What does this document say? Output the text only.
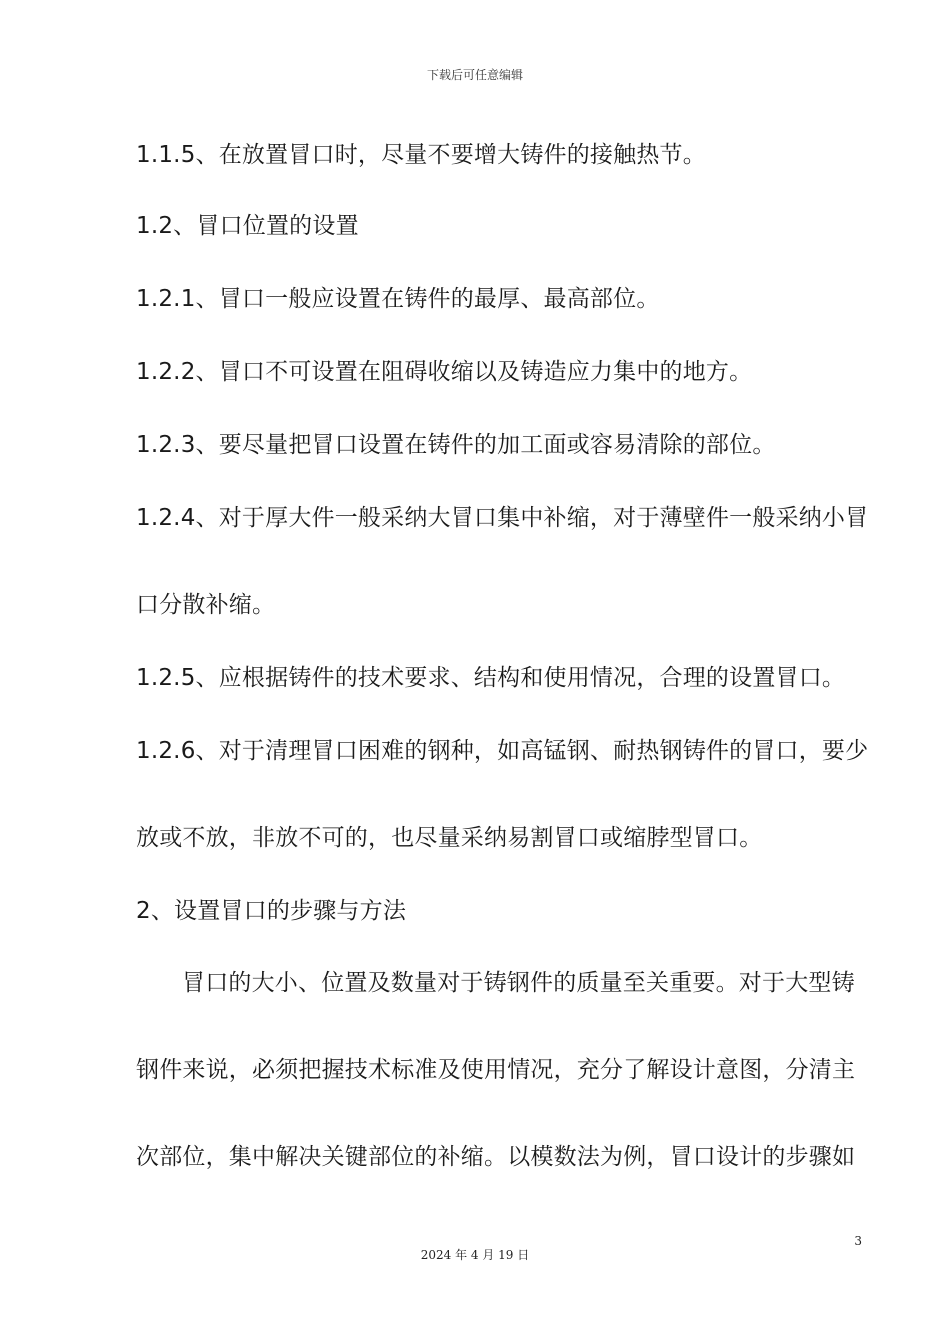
下载后可任意编辑
1.1.5、在放置冒口时，尽量不要增大铸件的接触热节。
1.2、冒口位置的设置
1.2.1、冒口一般应设置在铸件的最厚、最高部位。
1.2.2、冒口不可设置在阻碍收缩以及铸造应力集中的地方。
1.2.3、要尽量把冒口设置在铸件的加工面或容易清除的部位。
1.2.4、对于厚大件一般采纳大冒口集中补缩，对于薄壁件一般采纳小冒
口分散补缩。
1.2.5、应根据铸件的技术要求、结构和使用情况，合理的设置冒口。
1.2.6、对于清理冒口困难的钢种，如高锰钢、耐热钢铸件的冒口，要少
放或不放，非放不可的，也尽量采纳易割冒口或缩脖型冒口。
2、设置冒口的步骤与方法
冒口的大小、位置及数量对于铸钢件的质量至关重要。对于大型铸
钢件来说，必须把握技术标准及使用情况，充分了解设计意图，分清主
次部位，集中解决关键部位的补缩。以模数法为例，冒口设计的步骤如
3
2024 年 4 月 19 日
